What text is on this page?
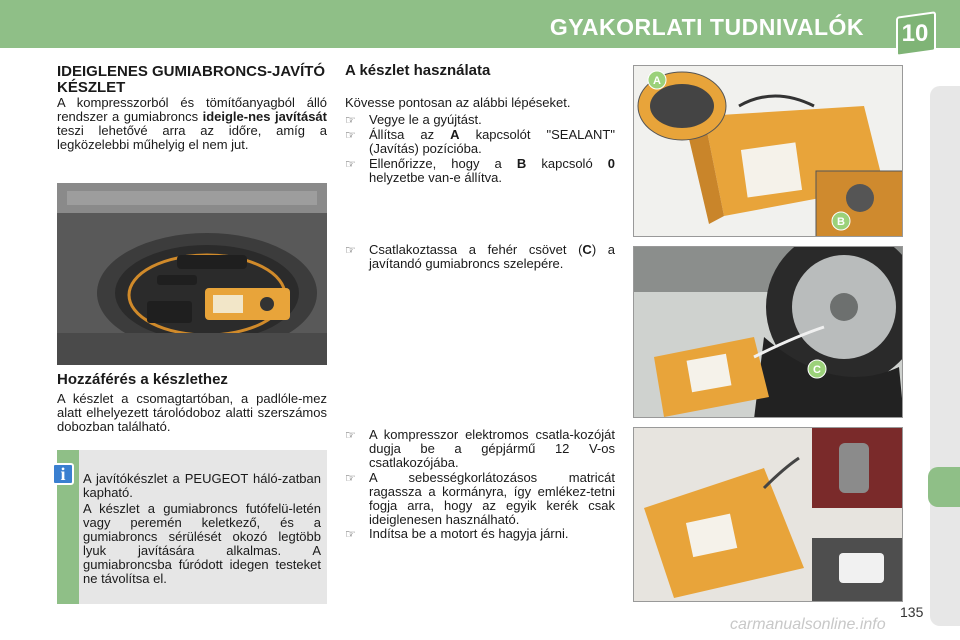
GYAKORLATI TUDNIVALÓK 10
IDEIGLENES GUMIABRONCS-JAVÍTÓ KÉSZLET

A kompresszorból és tömítőanyagból álló rendszer a gumiabroncs ideigle-nes javítását teszi lehetővé arra az időre, amíg a legközelebbi műhelyig el nem jut.

Hozzáférés a készlethez

A készlet a csomagtartóban, a padlóle-mez alatt elhelyezett tárolódoboz alatti szerszámos dobozban található.

i	A javítókészlet a PEUGEOT háló-zatban kapható.

A készlet a gumiabroncs futófelü-letén vagy peremén keletkező, és a gumiabroncs sérülését okozó legtöbb lyuk javítására alkalmas. A gumiabroncsba fúródott idegen testeket ne távolítsa el.

A készlet használata

Kövesse pontosan az alábbi lépéseket.

☞	Vegye le a gyújtást.
☞	Állítsa az A kapcsolót "SEALANT" (Javítás) pozícióba.
☞	Ellenőrizze, hogy a B kapcsoló 0 helyzetbe van-e állítva.
☞	Csatlakoztassa a fehér csövet (C) a javítandó gumiabroncs szelepére.
☞	A kompresszor elektromos csatla-kozóját dugja be a gépjármű 12 V-os csatlakozójába.
☞	A sebességkorlátozásos matricát ragassza a kormányra, így emlékez-tetni fogja arra, hogy az egyik kerék csak ideiglenesen használható.
☞	Indítsa be a motort és hagyja járni.
A
B
C
135
carmanualsonline.info
